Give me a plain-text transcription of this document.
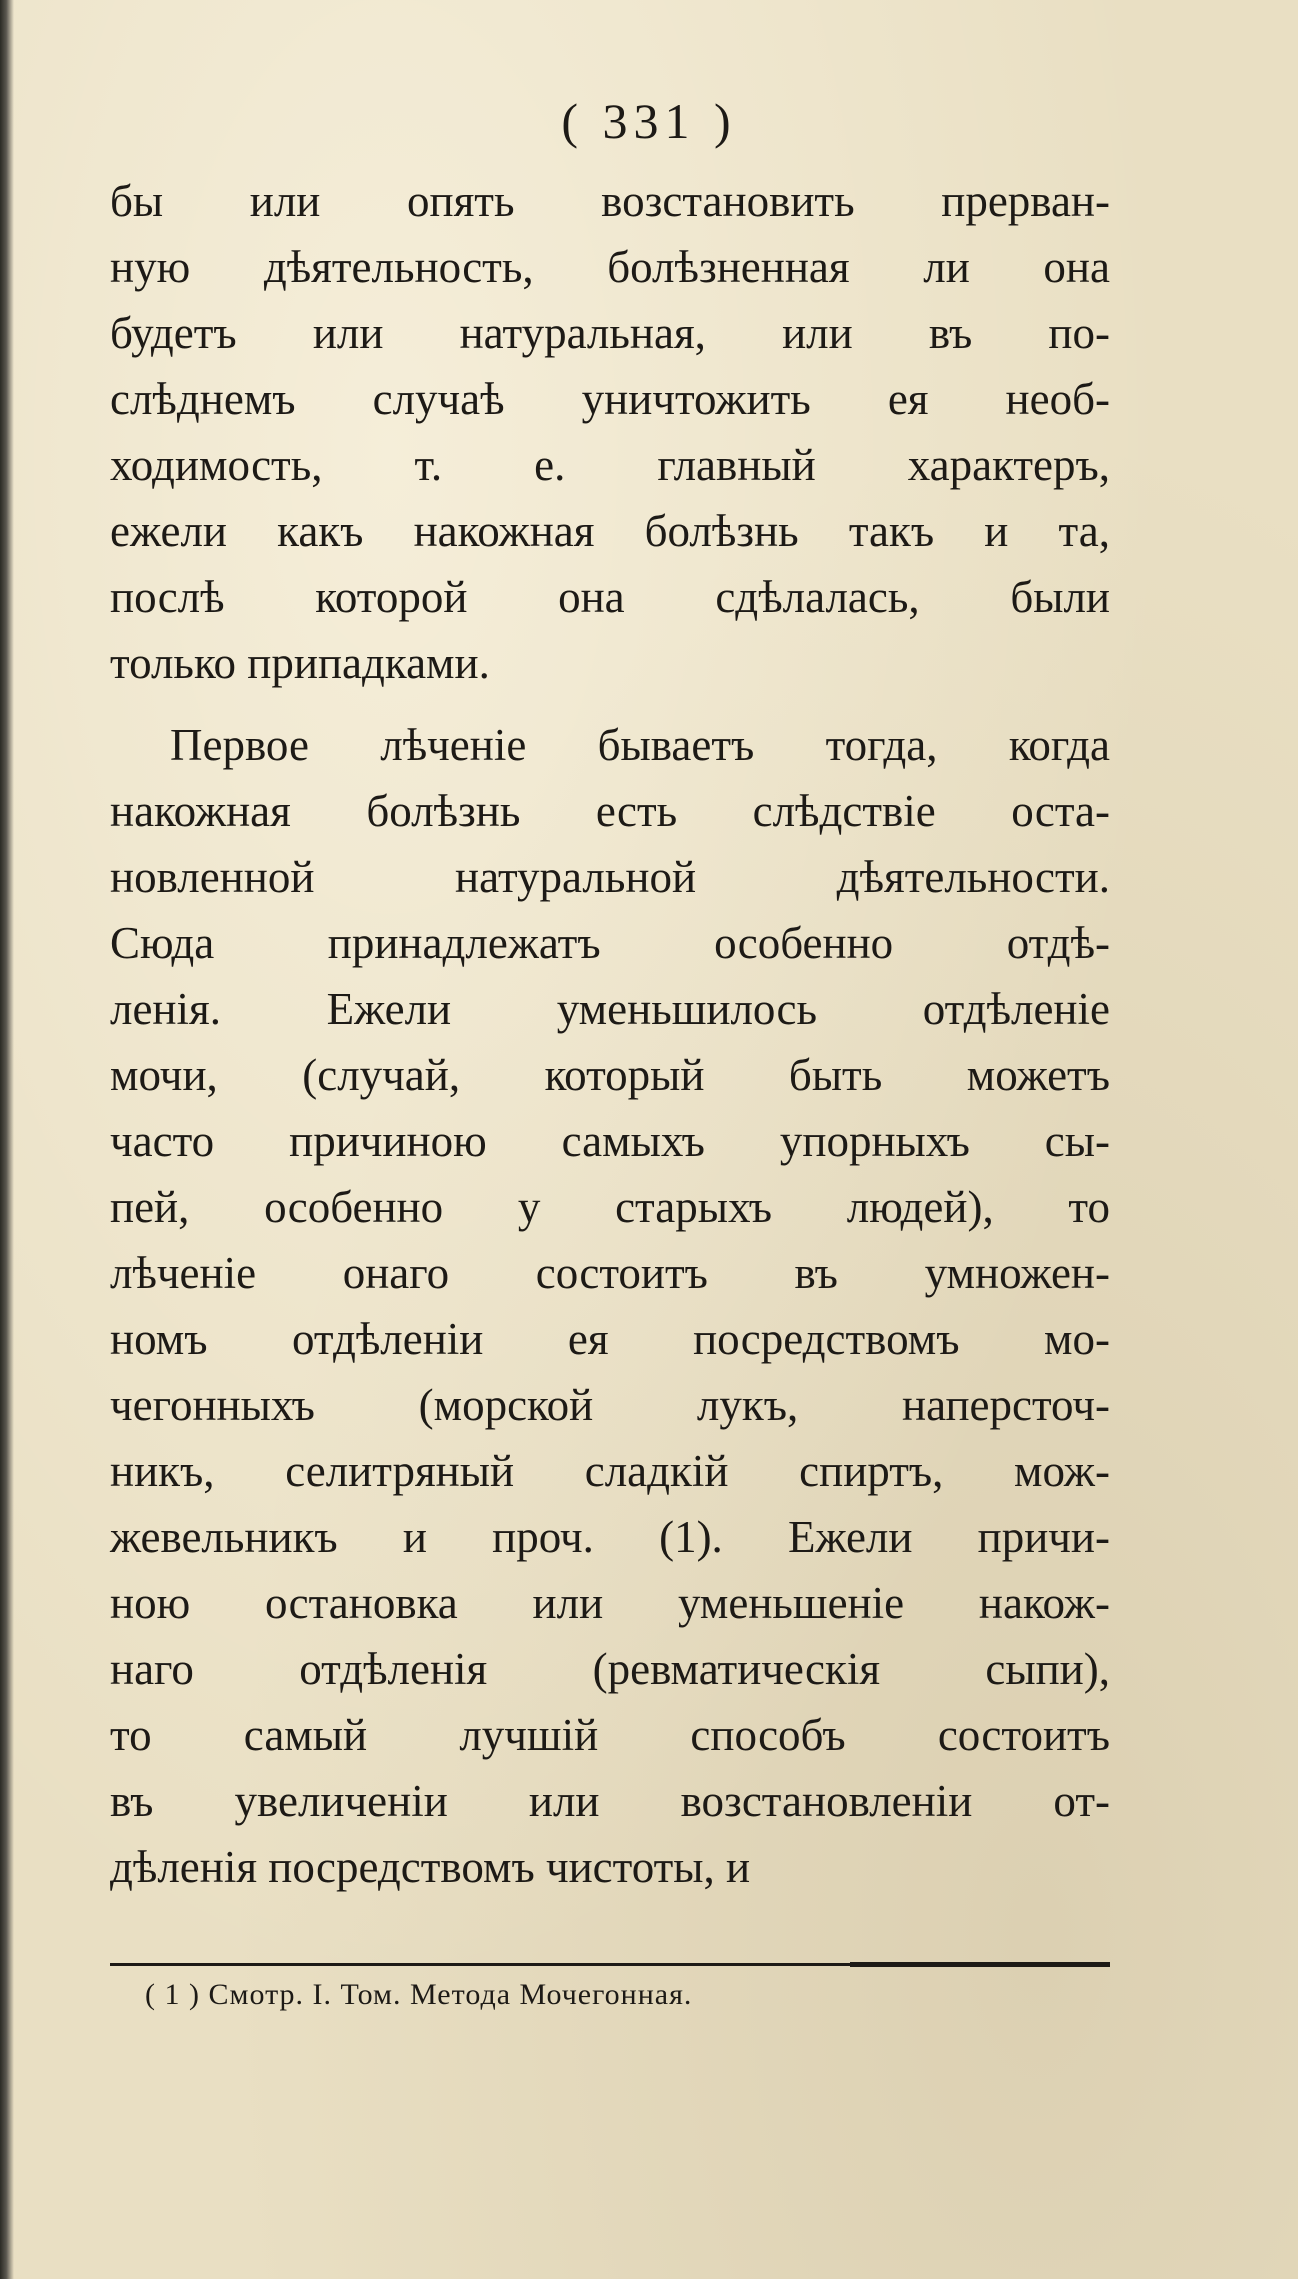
( 331 )
бы или опять возстановить прерван-
ную дѣятельность, болѣзненная ли она
будетъ или натуральная, или въ по-
слѣднемъ случаѣ уничтожить ея необ-
ходимость, т. е. главный характеръ,
ежели какъ накожная болѣзнь такъ и та,
послѣ которой она сдѣлалась, были
только припадками.
Первое лѣченіе бываетъ тогда, когда
накожная болѣзнь есть слѣдствіе оста-
новленной натуральной дѣятельности.
Сюда принадлежатъ особенно отдѣ-
ленія. Ежели уменьшилось отдѣленіе
мочи, (случай, который быть можетъ
часто причиною самыхъ упорныхъ сы-
пей, особенно у старыхъ людей), то
лѣченіе онаго состоитъ въ умножен-
номъ отдѣленіи ея посредствомъ мо-
чегонныхъ (морской лукъ, наперсточ-
никъ, селитряный сладкій спиртъ, мож-
жевельникъ и проч. (1). Ежели причи-
ною остановка или уменьшеніе накож-
наго отдѣленія (ревматическія сыпи),
то самый лучшій способъ состоитъ
въ увеличеніи или возстановленіи от-
дѣленія посредствомъ чистоты, и
( 1 ) Смотр. I. Том. Метода Мочегонная.
